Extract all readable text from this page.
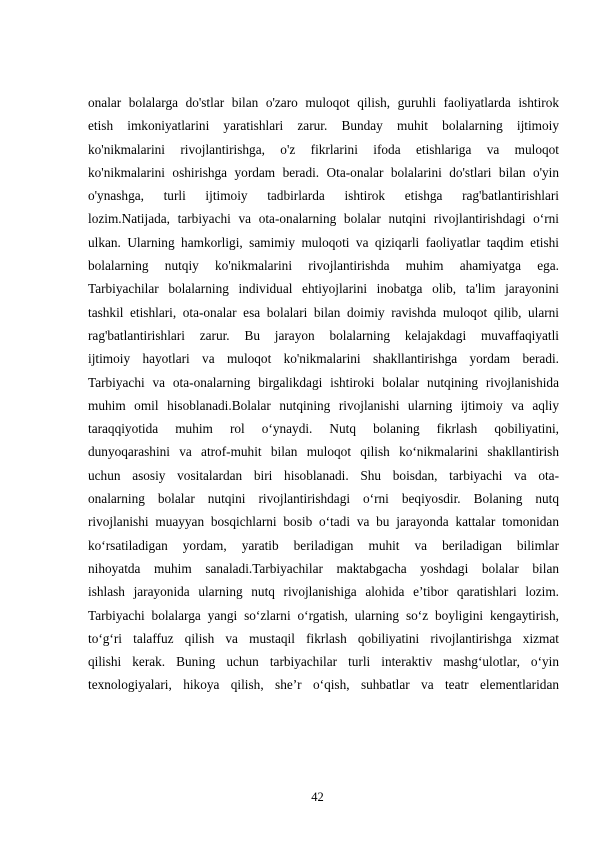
onalar bolalarga do'stlar bilan o'zaro muloqot qilish, guruhli faoliyatlarda ishtirok
etish imkoniyatlarini yaratishlari zarur. Bunday muhit bolalarning ijtimoiy
ko'nikmalarini rivojlantirishga, o'z fikrlarini ifoda etishlariga va muloqot
ko'nikmalarini oshirishga yordam beradi. Ota-onalar bolalarini do'stlari bilan o'yin
o'ynashga, turli ijtimoiy tadbirlarda ishtirok etishga rag'batlantirishlari
lozim.Natijada, tarbiyachi va ota-onalarning bolalar nutqini rivojlantirishdagi o‘rni
ulkan. Ularning hamkorligi, samimiy muloqoti va qiziqarli faoliyatlar taqdim etishi
bolalarning nutqiy ko'nikmalarini rivojlantirishda muhim ahamiyatga ega.
Tarbiyachilar bolalarning individual ehtiyojlarini inobatga olib, ta'lim jarayonini
tashkil etishlari, ota-onalar esa bolalari bilan doimiy ravishda muloqot qilib, ularni
rag'batlantirishlari zarur. Bu jarayon bolalarning kelajakdagi muvaffaqiyatli
ijtimoiy hayotlari va muloqot ko'nikmalarini shakllantirishga yordam beradi.
Tarbiyachi va ota-onalarning birgalikdagi ishtiroki bolalar nutqining rivojlanishida
muhim omil hisoblanadi.Bolalar nutqining rivojlanishi ularning ijtimoiy va aqliy
taraqqiyotida muhim rol o‘ynaydi. Nutq bolaning fikrlash qobiliyatini,
dunyoqarashini va atrof-muhit bilan muloqot qilish ko‘nikmalarini shakllantirish
uchun asosiy vositalardan biri hisoblanadi. Shu boisdan, tarbiyachi va ota-
onalarning bolalar nutqini rivojlantirishdagi o‘rni beqiyosdir. Bolaning nutq
rivojlanishi muayyan bosqichlarni bosib o‘tadi va bu jarayonda kattalar tomonidan
ko‘rsatiladigan yordam, yaratib beriladigan muhit va beriladigan bilimlar
nihoyatda muhim sanaladi.Tarbiyachilar maktabgacha yoshdagi bolalar bilan
ishlash jarayonida ularning nutq rivojlanishiga alohida e’tibor qaratishlari lozim.
Tarbiyachi bolalarga yangi so‘zlarni o‘rgatish, ularning so‘z boyligini kengaytirish,
to‘g‘ri talaffuz qilish va mustaqil fikrlash qobiliyatini rivojlantirishga xizmat
qilishi kerak. Buning uchun tarbiyachilar turli interaktiv mashg‘ulotlar, o‘yin
texnologiyalari, hikoya qilish, she’r o‘qish, suhbatlar va teatr elementlaridan
42
